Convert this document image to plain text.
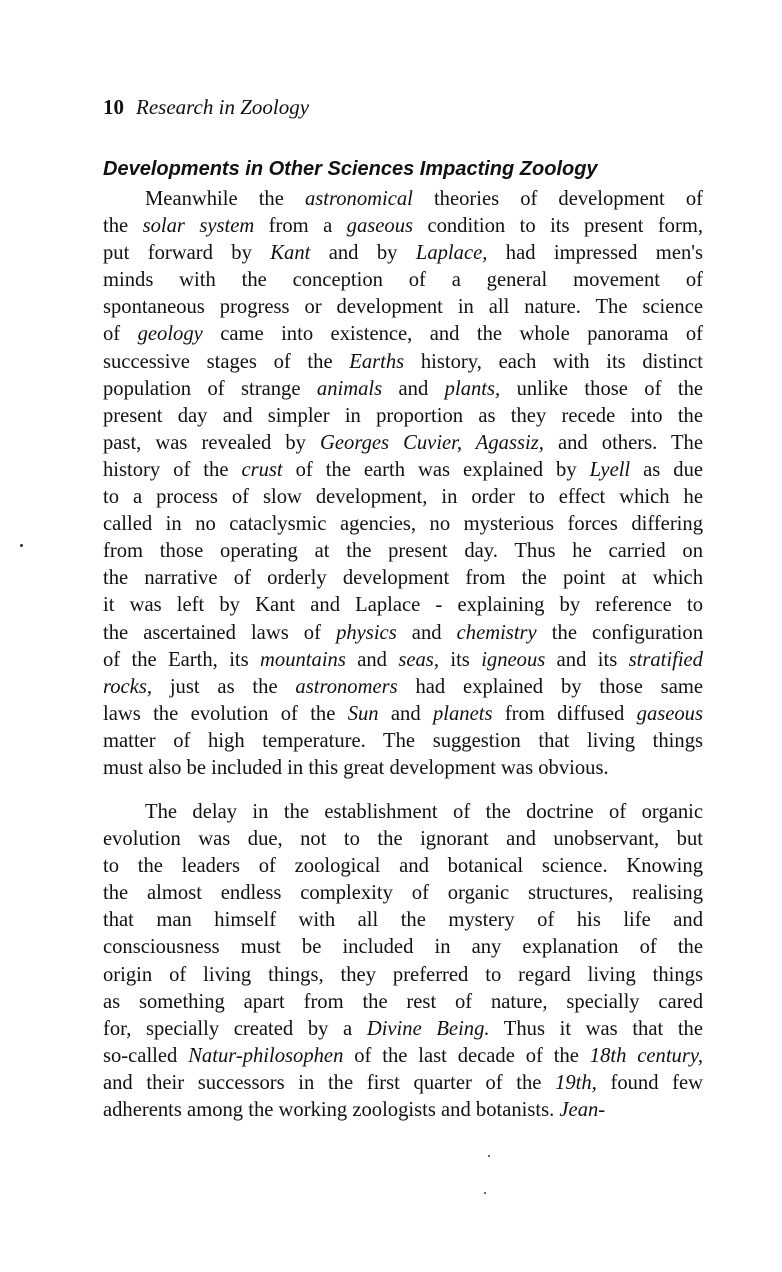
10 Research in Zoology
Developments in Other Sciences Impacting Zoology
Meanwhile the astronomical theories of development of
the solar system from a gaseous condition to its present form,
put forward by Kant and by Laplace, had impressed men's
minds with the conception of a general movement of
spontaneous progress or development in all nature. The science
of geology came into existence, and the whole panorama of
successive stages of the Earths history, each with its distinct
population of strange animals and plants, unlike those of the
present day and simpler in proportion as they recede into the
past, was revealed by Georges Cuvier, Agassiz, and others. The
history of the crust of the earth was explained by Lyell as due
to a process of slow development, in order to effect which he
called in no cataclysmic agencies, no mysterious forces differing
from those operating at the present day. Thus he carried on
the narrative of orderly development from the point at which
it was left by Kant and Laplace - explaining by reference to
the ascertained laws of physics and chemistry the configuration
of the Earth, its mountains and seas, its igneous and its stratified
rocks, just as the astronomers had explained by those same
laws the evolution of the Sun and planets from diffused gaseous
matter of high temperature. The suggestion that living things
must also be included in this great development was obvious.
The delay in the establishment of the doctrine of organic
evolution was due, not to the ignorant and unobservant, but
to the leaders of zoological and botanical science. Knowing
the almost endless complexity of organic structures, realising
that man himself with all the mystery of his life and
consciousness must be included in any explanation of the
origin of living things, they preferred to regard living things
as something apart from the rest of nature, specially cared
for, specially created by a Divine Being. Thus it was that the
so-called Natur-philosophen of the last decade of the 18th century,
and their successors in the first quarter of the 19th, found few
adherents among the working zoologists and botanists. Jean-
